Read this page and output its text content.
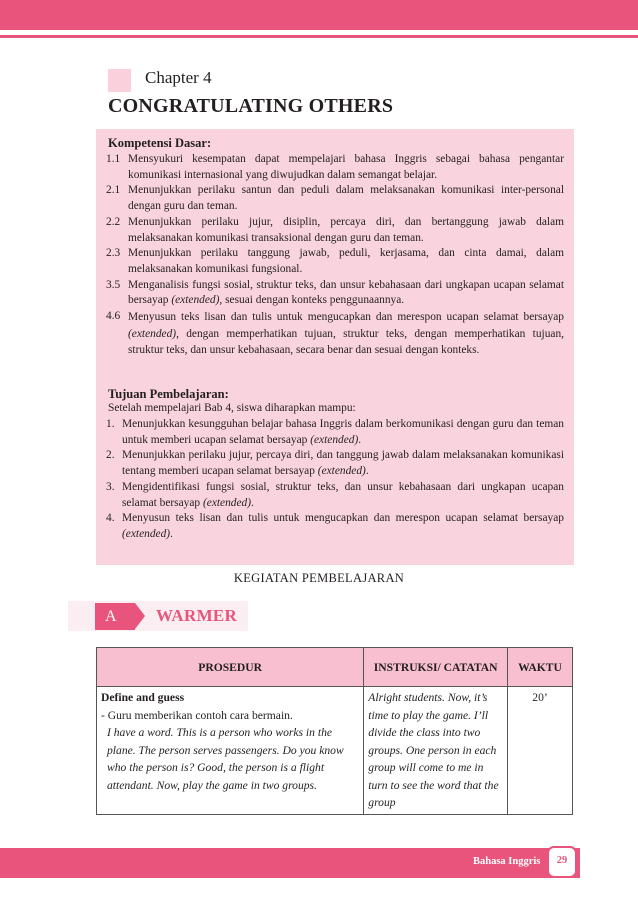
Chapter 4
CONGRATULATING OTHERS
Kompetensi Dasar:
1.1 Mensyukuri kesempatan dapat mempelajari bahasa Inggris sebagai bahasa pengantar komunikasi internasional yang diwujudkan dalam semangat belajar.
2.1 Menunjukkan perilaku santun dan peduli dalam melaksanakan komunikasi inter-personal dengan guru dan teman.
2.2 Menunjukkan perilaku jujur, disiplin, percaya diri, dan bertanggung jawab dalam melaksanakan komunikasi transaksional dengan guru dan teman.
2.3 Menunjukkan perilaku tanggung jawab, peduli, kerjasama, dan cinta damai, dalam melaksanakan komunikasi fungsional.
3.5 Menganalisis fungsi sosial, struktur teks, dan unsur kebahasaan dari ungkapan ucapan selamat bersayap (extended), sesuai dengan konteks penggunaannya.
4.6 Menyusun teks lisan dan tulis untuk mengucapkan dan merespon ucapan selamat bersayap (extended), dengan memperhatikan tujuan, struktur teks, dengan memperhatikan tujuan, struktur teks, dan unsur kebahasaan, secara benar dan sesuai dengan konteks.
Tujuan Pembelajaran:
Setelah mempelajari Bab 4, siswa diharapkan mampu:
1. Menunjukkan kesungguhan belajar bahasa Inggris dalam berkomunikasi dengan guru dan teman untuk memberi ucapan selamat bersayap (extended).
2. Menunjukkan perilaku jujur, percaya diri, dan tanggung jawab dalam melaksanakan komunikasi tentang memberi ucapan selamat bersayap (extended).
3. Mengidentifikasi fungsi sosial, struktur teks, dan unsur kebahasaan dari ungkapan ucapan selamat bersayap (extended).
4. Menyusun teks lisan dan tulis untuk mengucapkan dan merespon ucapan selamat bersayap (extended).
KEGIATAN PEMBELAJARAN
A	WARMER
PROSEDUR	INSTRUKSI/ CATATAN	WAKTU

Define and guess
- Guru memberikan contoh cara bermain.
I have a word. This is a person who works in the plane. The person serves passengers. Do you know who the person is? Good, the person is a flight attendant. Now, play the game in two groups.	Alright students. Now, it’s time to play the game. I’ll divide the class into two groups. One person in each group will come to me in turn to see the word that the group	20’
Bahasa Inggris	29
